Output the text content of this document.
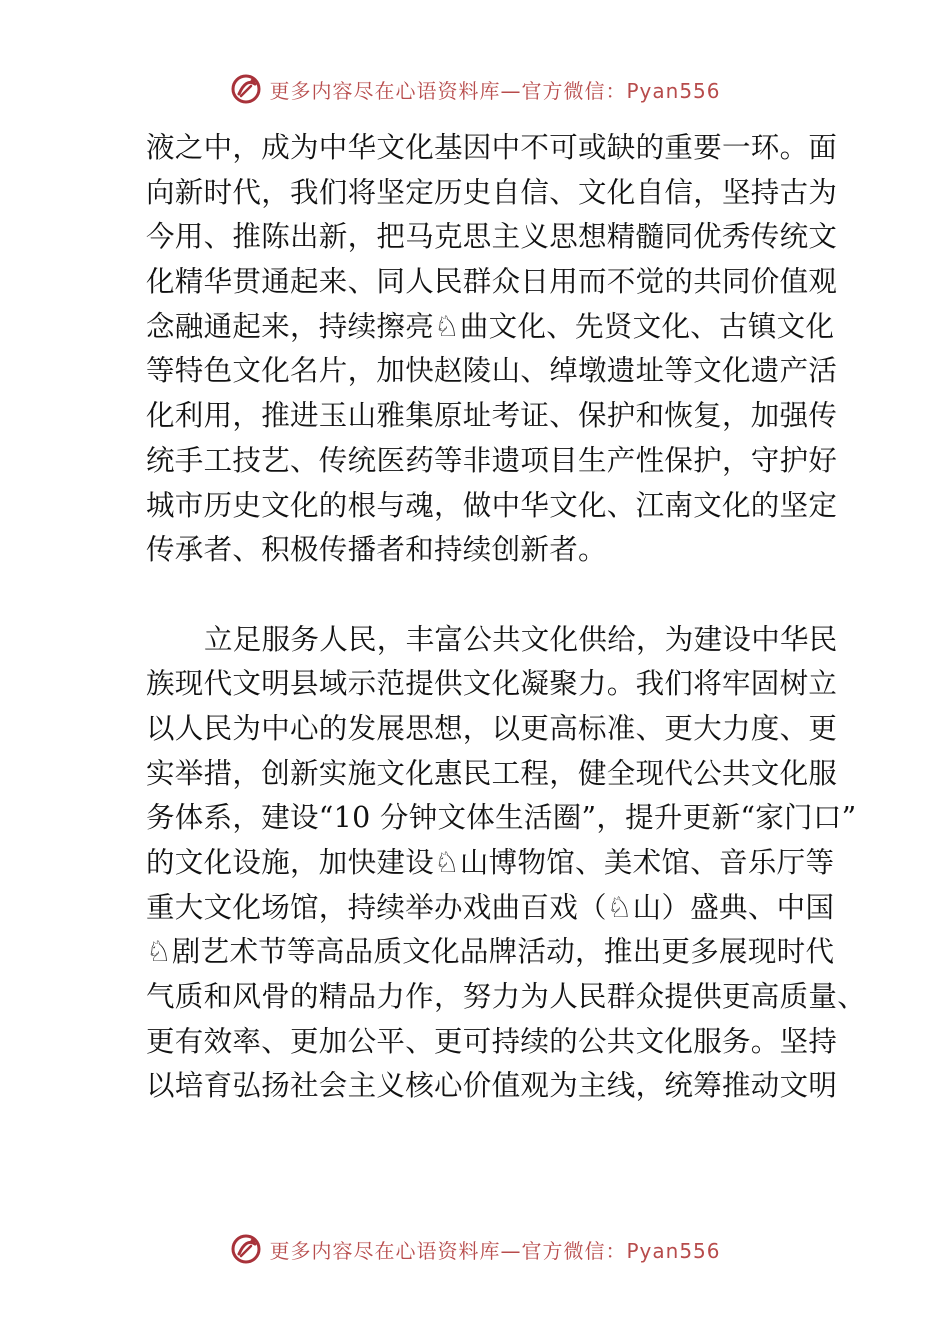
更多内容尽在心语资料库—官方微信：Pyan556
液之中，成为中华文化基因中不可或缺的重要一环。面
向新时代，我们将坚定历史自信、文化自信，坚持古为
今用、推陈出新，把马克思主义思想精髓同优秀传统文
化精华贯通起来、同人民群众日用而不觉的共同价值观
念融通起来，持续擦亮♘曲文化、先贤文化、古镇文化
等特色文化名片，加快赵陵山、绰墩遗址等文化遗产活
化利用，推进玉山雅集原址考证、保护和恢复，加强传
统手工技艺、传统医药等非遗项目生产性保护，守护好
城市历史文化的根与魂，做中华文化、江南文化的坚定
传承者、积极传播者和持续创新者。
立足服务人民，丰富公共文化供给，为建设中华民
族现代文明县域示范提供文化凝聚力。我们将牢固树立
以人民为中心的发展思想，以更高标准、更大力度、更
实举措，创新实施文化惠民工程，健全现代公共文化服
务体系，建设“10 分钟文体生活圈”，提升更新“家门口”
的文化设施，加快建设♘山博物馆、美术馆、音乐厅等
重大文化场馆，持续举办戏曲百戏（♘山）盛典、中国
♘剧艺术节等高品质文化品牌活动，推出更多展现时代
气质和风骨的精品力作，努力为人民群众提供更高质量、
更有效率、更加公平、更可持续的公共文化服务。坚持
以培育弘扬社会主义核心价值观为主线，统筹推动文明
更多内容尽在心语资料库—官方微信：Pyan556
